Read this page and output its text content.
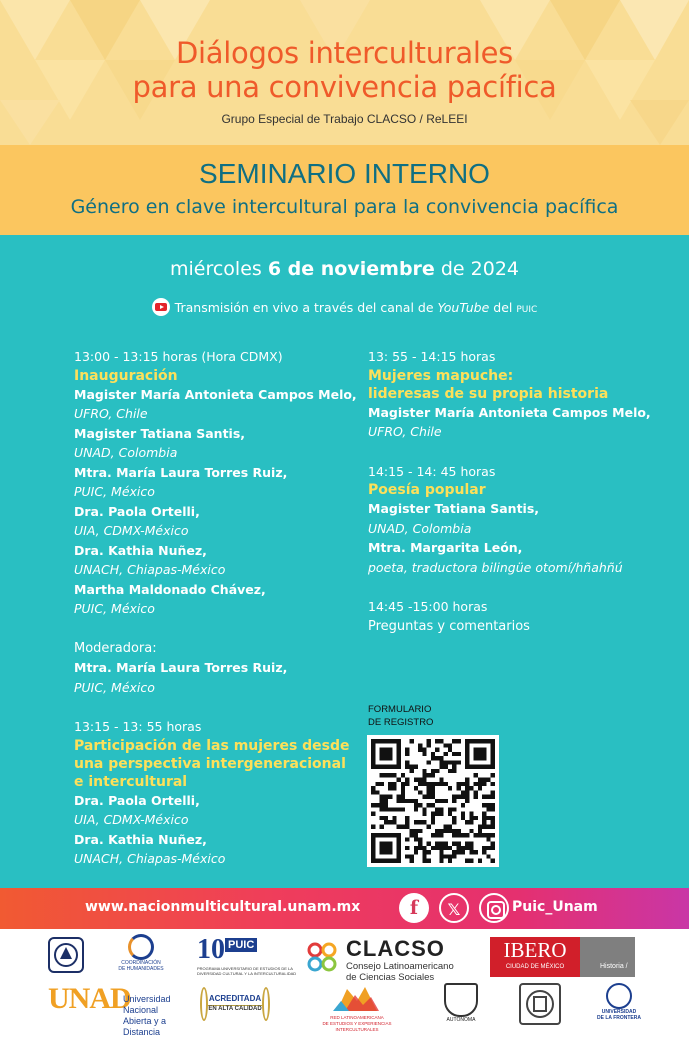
Diálogos interculturales
para una convivencia pacífica
Grupo Especial de Trabajo CLACSO / ReLEEI
SEMINARIO INTERNO
Género en clave intercultural para la convivencia pacífica
miércoles 6 de noviembre de 2024
Transmisión en vivo a través del canal de YouTube del PUIC
13:00 - 13:15 horas (Hora CDMX)
Inauguración
Magister María Antonieta Campos Melo,
UFRO, Chile
Magister Tatiana Santis,
UNAD, Colombia
Mtra. María Laura Torres Ruiz,
PUIC, México
Dra. Paola Ortelli,
UIA, CDMX-México
Dra. Kathia Nuñez,
UNACH, Chiapas-México
Martha Maldonado Chávez,
PUIC, México
Moderadora:
Mtra. María Laura Torres Ruiz,
PUIC, México
13:15 - 13: 55 horas
Participación de las mujeres desde
una perspectiva intergeneracional
e intercultural
Dra. Paola Ortelli,
UIA, CDMX-México
Dra. Kathia Nuñez,
UNACH, Chiapas-México
13: 55 - 14:15 horas
Mujeres mapuche:
lideresas de su propia historia
Magister María Antonieta Campos Melo,
UFRO, Chile
14:15 - 14: 45 horas
Poesía popular
Magister Tatiana Santis,
UNAD, Colombia
Mtra. Margarita León,
poeta, traductora bilingüe otomí/hñahñú
14:45 -15:00 horas
Preguntas y comentarios
FORMULARIO
DE REGISTRO
www.nacionmulticultural.unam.mx	f	𝕏	Puic_Unam
COORDINACIÓN DE HUMANIDADES
10 PUIC
PROGRAMA UNIVERSITARIO DE ESTUDIOS DE LA DIVERSIDAD CULTURAL Y LA INTERCULTURALIDAD
CLACSO
Consejo Latinoamericano
de Ciencias Sociales
IBERO
CIUDAD DE MÉXICO	Historia /
UNAD
Universidad Nacional
Abierta y a Distancia
ACREDITADA
EN ALTA CALIDAD
RED LATINOAMERICANA
DE ESTUDIOS Y EXPERIENCIAS INTERCULTURALES
AUTÓNOMA
UNIVERSIDAD
DE LA FRONTERA
